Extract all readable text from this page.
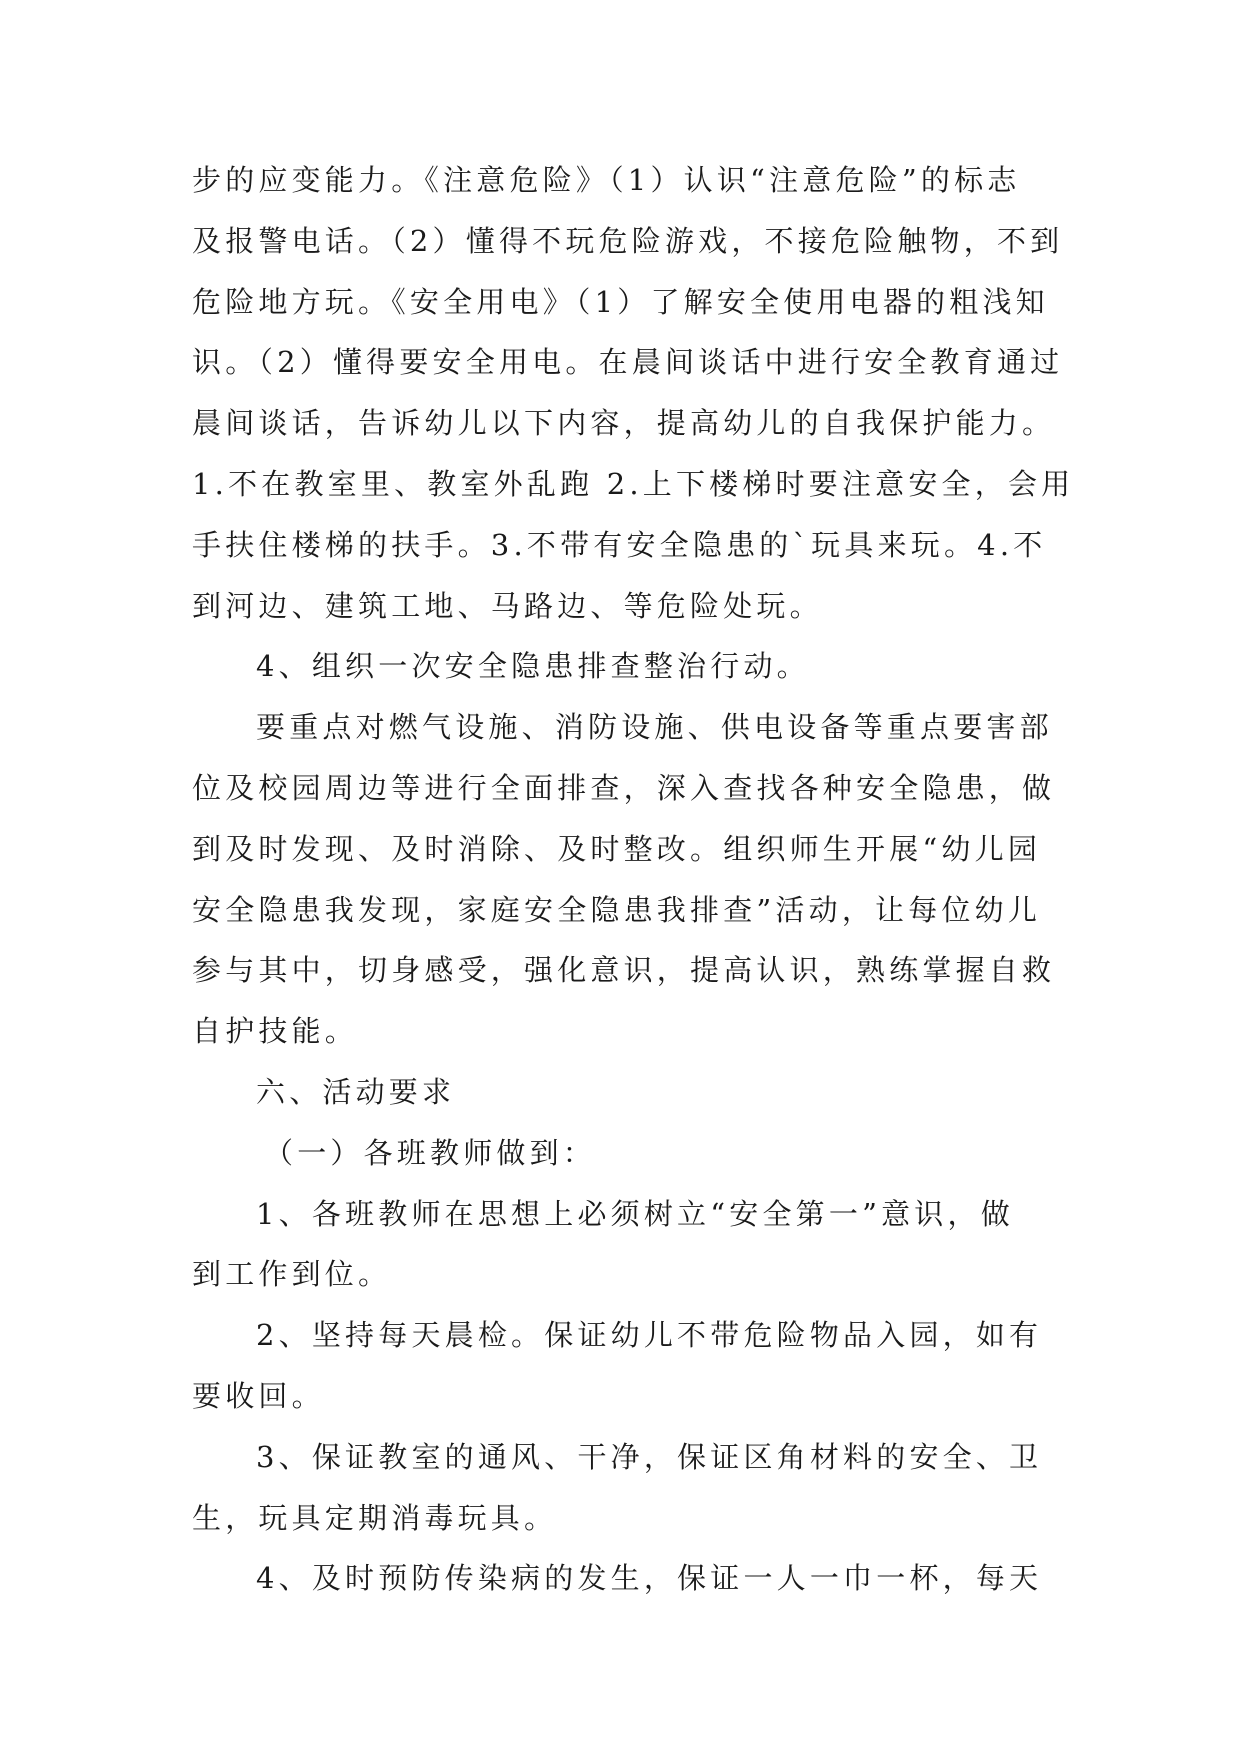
步的应变能力。《注意危险》（1）认识“注意危险”的标志
及报警电话。（2）懂得不玩危险游戏，不接危险触物，不到
危险地方玩。《安全用电》（1）了解安全使用电器的粗浅知
识。（2）懂得要安全用电。在晨间谈话中进行安全教育通过
晨间谈话，告诉幼儿以下内容，提高幼儿的自我保护能力。
1.不在教室里、教室外乱跑 2.上下楼梯时要注意安全，会用
手扶住楼梯的扶手。3.不带有安全隐患的`玩具来玩。4.不
到河边、建筑工地、马路边、等危险处玩。
4、组织一次安全隐患排查整治行动。
要重点对燃气设施、消防设施、供电设备等重点要害部
位及校园周边等进行全面排查，深入查找各种安全隐患，做
到及时发现、及时消除、及时整改。组织师生开展“幼儿园
安全隐患我发现，家庭安全隐患我排查”活动，让每位幼儿
参与其中，切身感受，强化意识，提高认识，熟练掌握自救
自护技能。
六、活动要求
（一）各班教师做到：
1、各班教师在思想上必须树立“安全第一”意识，做
到工作到位。
2、坚持每天晨检。保证幼儿不带危险物品入园，如有
要收回。
3、保证教室的通风、干净，保证区角材料的安全、卫
生，玩具定期消毒玩具。
4、及时预防传染病的发生，保证一人一巾一杯，每天
